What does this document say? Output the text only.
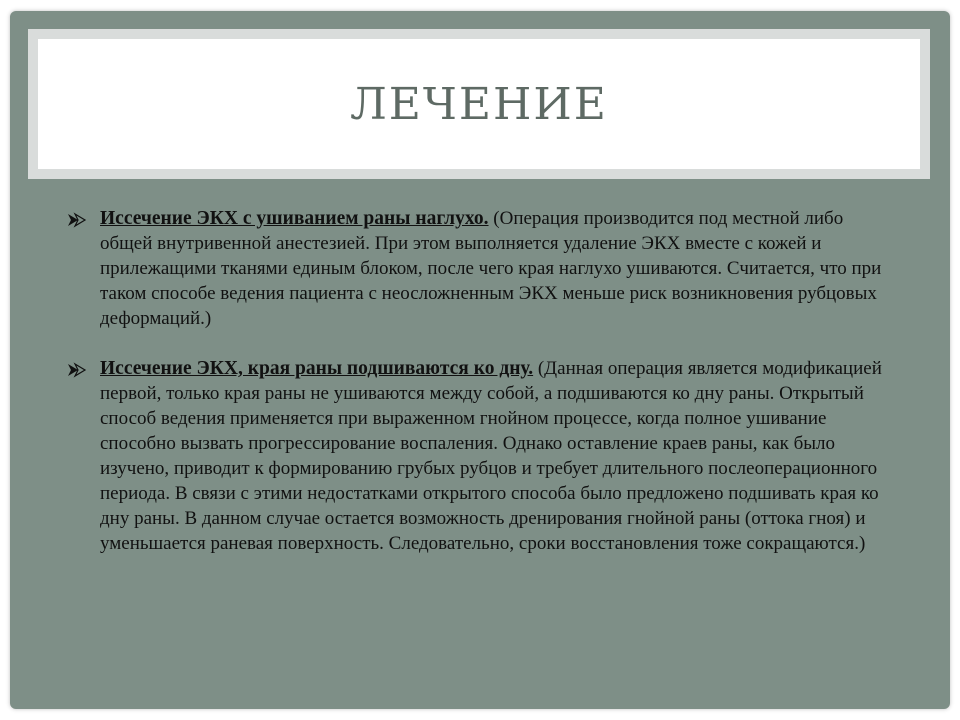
ЛЕЧЕНИЕ
Иссечение ЭКХ с ушиванием раны наглухо. (Операция производится под местной либо общей внутривенной анестезией. При этом выполняется удаление ЭКХ вместе с кожей и прилежащими тканями единым блоком, после чего края наглухо ушиваются. Считается, что при таком способе ведения пациента с неосложненным ЭКХ меньше риск возникновения рубцовых деформаций.)
Иссечение ЭКХ, края раны подшиваются ко дну. (Данная операция является модификацией первой, только края раны не ушиваются между собой, а подшиваются ко дну раны. Открытый способ ведения применяется при выраженном гнойном процессе, когда полное ушивание способно вызвать прогрессирование воспаления. Однако оставление краев раны, как было изучено, приводит к формированию грубых рубцов и требует длительного послеоперационного периода. В связи с этими недостатками открытого способа было предложено подшивать края ко дну раны. В данном случае остается возможность дренирования гнойной раны (оттока гноя) и уменьшается раневая поверхность. Следовательно, сроки восстановления тоже сокращаются.)
